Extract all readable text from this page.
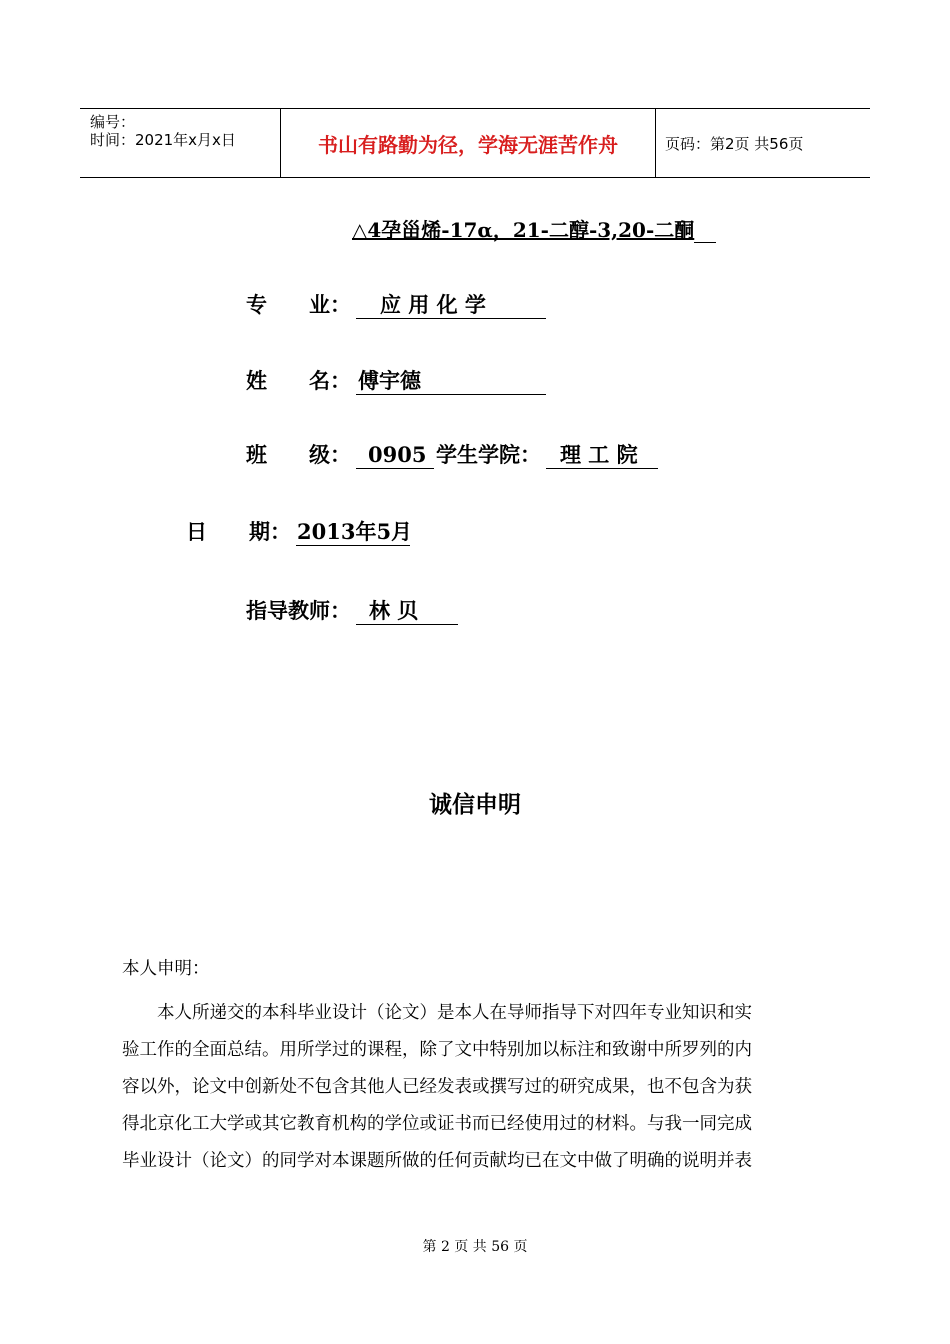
编号：
时间：2021年x月x日	书山有路勤为径，学海无涯苦作舟	页码：第2页 共56页
△4孕甾烯-17α，21-二醇-3,20-二酮
专　　业： 应 用 化 学
姓　　名： 傅宇德
班　　级： 0905 学生学院： 理 工 院
日　　期： 2013年5月
指导教师： 林 贝
诚信申明
本人申明：
本人所递交的本科毕业设计（论文）是本人在导师指导下对四年专业知识和实
验工作的全面总结。用所学过的课程，除了文中特别加以标注和致谢中所罗列的内
容以外，论文中创新处不包含其他人已经发表或撰写过的研究成果，也不包含为获
得北京化工大学或其它教育机构的学位或证书而已经使用过的材料。与我一同完成
毕业设计（论文）的同学对本课题所做的任何贡献均已在文中做了明确的说明并表
第 2 页 共 56 页
